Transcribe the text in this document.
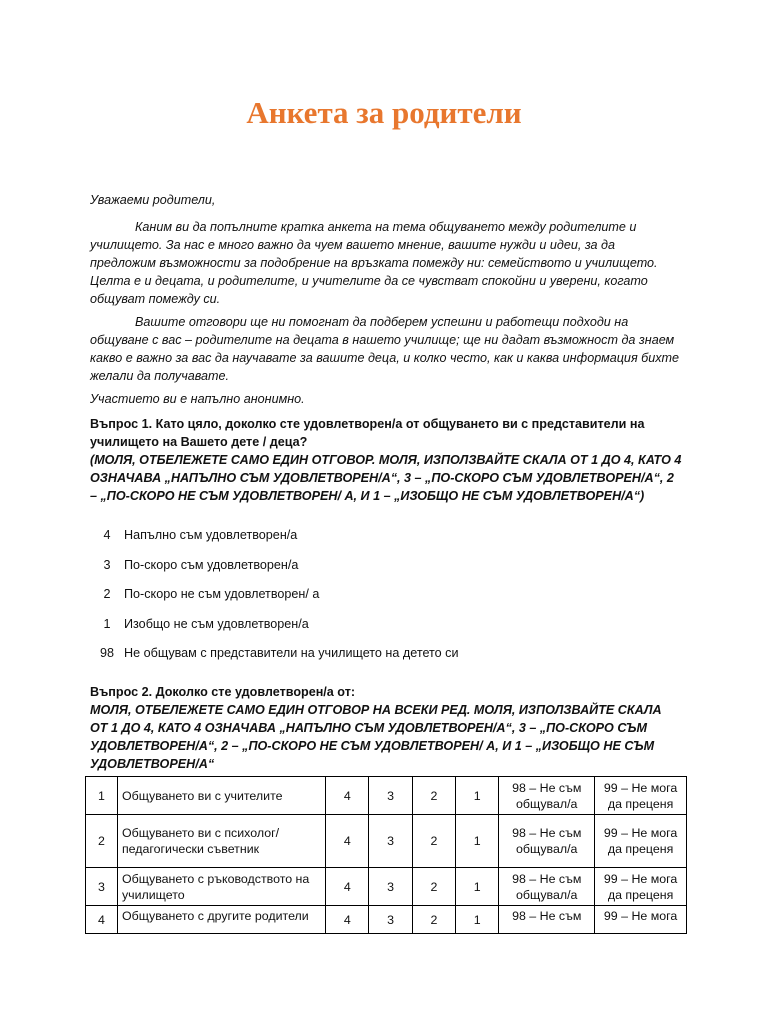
Анкета за родители
Уважаеми родители,
Каним ви да попълните кратка анкета на тема общуването между родителите и училището. За нас е много важно да чуем вашето мнение, вашите нужди и идеи, за да предложим възможности за подобрение на връзката помежду ни: семейството и училището. Целта е и децата, и родителите, и учителите да се чувстват спокойни и уверени, когато общуват помежду си.
Вашите отговори ще ни помогнат да подберем успешни и работещи подходи на общуване с вас – родителите на децата в нашето училище; ще ни дадат възможност да знаем какво е важно за вас да научавате за вашите деца, и колко често, как и каква информация бихте желали да получавате.
Участието ви е напълно анонимно.
Въпрос 1. Като цяло, доколко сте удовлетворен/а от общуването ви с представители на училището на Вашето дете / деца?
(МОЛЯ, ОТБЕЛЕЖЕТЕ САМО ЕДИН ОТГОВОР. МОЛЯ, ИЗПОЛЗВАЙТЕ СКАЛА ОТ 1 ДО 4, КАТО 4 ОЗНАЧАВА „НАПЪЛНО СЪМ УДОВЛЕТВОРЕН/А“, 3 – „ПО-СКОРО СЪМ УДОВЛЕТВОРЕН/А“, 2 – „ПО-СКОРО НЕ СЪМ УДОВЛЕТВОРЕН/ А, И 1 – „ИЗОБЩО НЕ СЪМ УДОВЛЕТВОРЕН/А“)
4	Напълно съм удовлетворен/а
3	По-скоро съм удовлетворен/а
2	По-скоро не съм удовлетворен/ а
1	Изобщо не съм удовлетворен/а
98 Не общувам с представители на училището на детето си
Въпрос 2. Доколко сте удовлетворен/а от:
МОЛЯ, ОТБЕЛЕЖЕТЕ САМО ЕДИН ОТГОВОР НА ВСЕКИ РЕД. МОЛЯ, ИЗПОЛЗВАЙТЕ СКАЛА ОТ 1 ДО 4, КАТО 4 ОЗНАЧАВА „НАПЪЛНО СЪМ УДОВЛЕТВОРЕН/А“, 3 – „ПО-СКОРО СЪМ УДОВЛЕТВОРЕН/А“, 2 – „ПО-СКОРО НЕ СЪМ УДОВЛЕТВОРЕН/ А, И 1 – „ИЗОБЩО НЕ СЪМ УДОВЛЕТВОРЕН/А“
1	Общуването ви с учителите	4	3	2	1	98 – Не съм общувал/а	99 – Не мога да преценя
2	Общуването ви с психолог/педагогически съветник	4	3	2	1	98 – Не съм общувал/а	99 – Не мога да преценя
3	Общуването с ръководството на училището	4	3	2	1	98 – Не съм общувал/а	99 – Не мога да преценя
4	Общуването с другите родители	4	3	2	1	98 – Не съм	99 – Не мога
